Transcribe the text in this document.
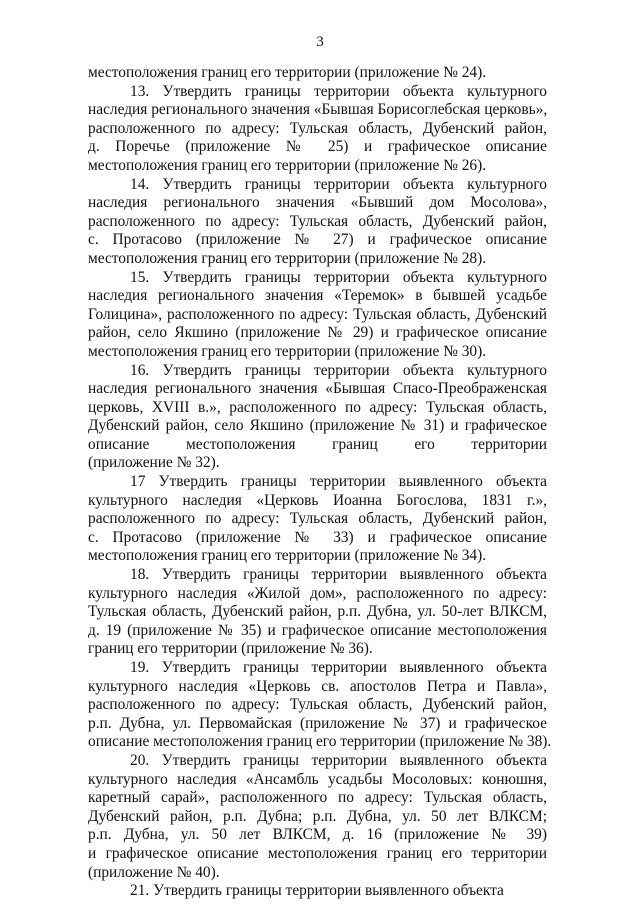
3
местоположения границ его территории (приложение № 24).
13. Утвердить границы территории объекта культурного
наследия регионального значения «Бывшая Борисоглебская церковь»,
расположенного по адресу: Тульская область, Дубенский район,
д. Поречье (приложение № 25) и графическое описание
местоположения границ его территории (приложение № 26).
14. Утвердить границы территории объекта культурного
наследия регионального значения «Бывший дом Мосолова»,
расположенного по адресу: Тульская область, Дубенский район,
с. Протасово (приложение № 27) и графическое описание
местоположения границ его территории (приложение № 28).
15. Утвердить границы территории объекта культурного
наследия регионального значения «Теремок» в бывшей усадьбе
Голицина», расположенного по адресу: Тульская область, Дубенский
район, село Якшино (приложение № 29) и графическое описание
местоположения границ его территории (приложение № 30).
16. Утвердить границы территории объекта культурного
наследия регионального значения «Бывшая Спасо-Преображенская
церковь, XVIII в.», расположенного по адресу: Тульская область,
Дубенский район, село Якшино (приложение № 31) и графическое
описание местоположения границ его территории
(приложение № 32).
17 Утвердить границы территории выявленного объекта
культурного наследия «Церковь Иоанна Богослова, 1831 г.»,
расположенного по адресу: Тульская область, Дубенский район,
с. Протасово (приложение № 33) и графическое описание
местоположения границ его территории (приложение № 34).
18. Утвердить границы территории выявленного объекта
культурного наследия «Жилой дом», расположенного по адресу:
Тульская область, Дубенский район, р.п. Дубна, ул. 50-лет ВЛКСМ,
д. 19 (приложение № 35) и графическое описание местоположения
границ его территории (приложение № 36).
19. Утвердить границы территории выявленного объекта
культурного наследия «Церковь св. апостолов Петра и Павла»,
расположенного по адресу: Тульская область, Дубенский район,
р.п. Дубна, ул. Первомайская (приложение № 37) и графическое
описание местоположения границ его территории (приложение № 38).
20. Утвердить границы территории выявленного объекта
культурного наследия «Ансамбль усадьбы Мосоловых: конюшня,
каретный сарай», расположенного по адресу: Тульская область,
Дубенский район, р.п. Дубна; р.п. Дубна, ул. 50 лет ВЛКСМ;
р.п. Дубна, ул. 50 лет ВЛКСМ, д. 16 (приложение № 39)
и графическое описание местоположения границ его территории
(приложение № 40).
21. Утвердить границы территории выявленного объекта
